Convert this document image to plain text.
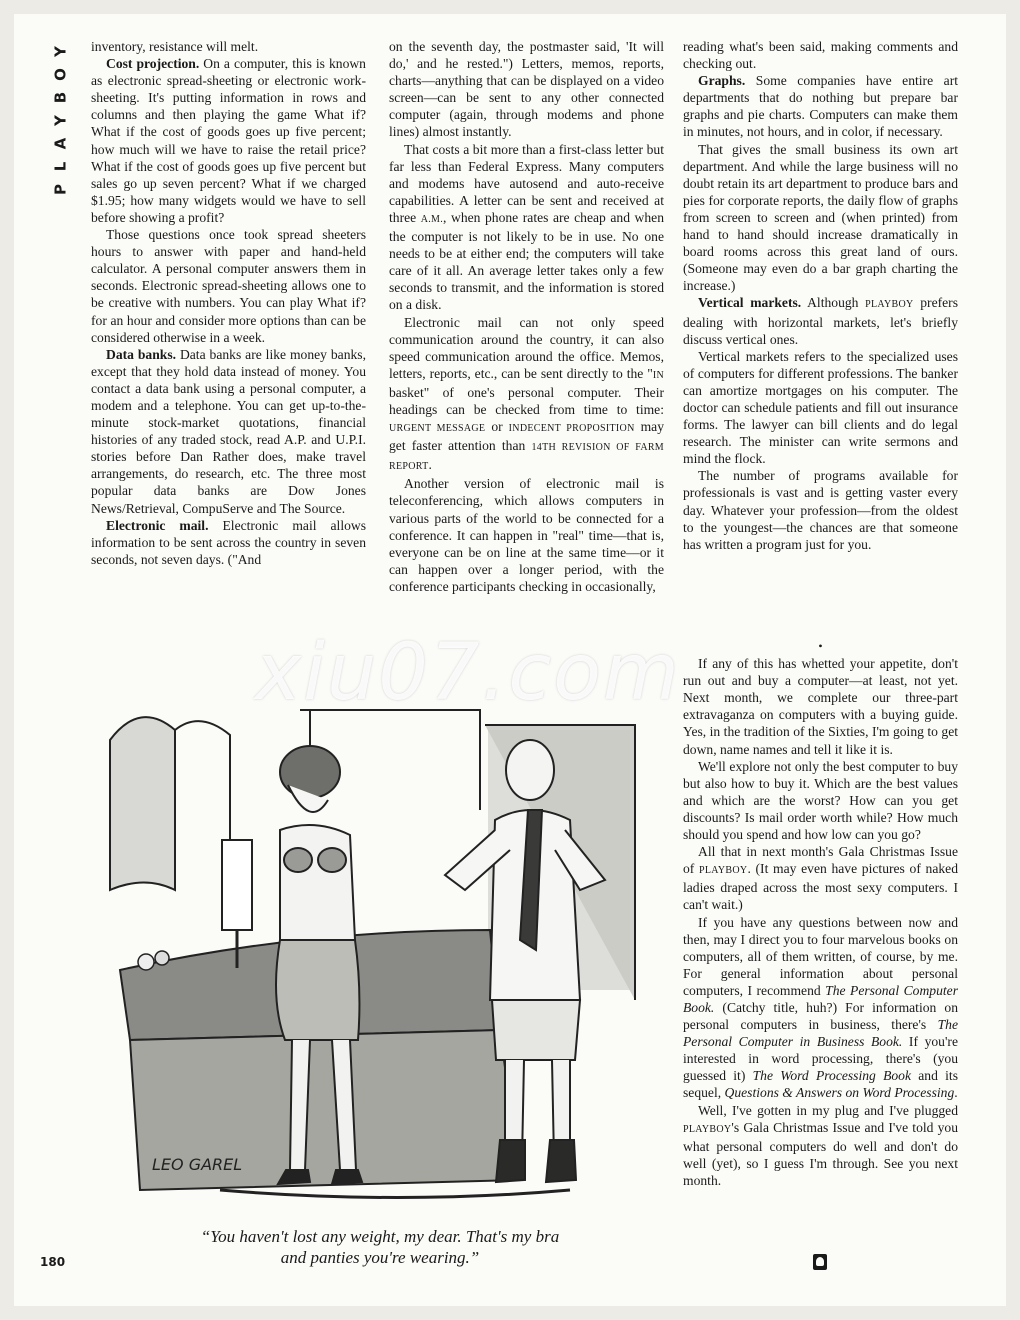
Y
O
B
Y
A
L
P

inventory, resistance will melt.

Cost projection. On a computer, this is known as electronic spread-sheeting or electronic work-sheeting. It's putting information in rows and columns and then playing the game What if? What if the cost of goods goes up five percent; how much will we have to raise the retail price? What if the cost of goods goes up five percent but sales go up seven percent? What if we charged $1.95; how many widgets would we have to sell before showing a profit?

Those questions once took spread sheeters hours to answer with paper and hand-held calculator. A personal computer answers them in seconds. Electronic spread-sheeting allows one to be creative with numbers. You can play What if? for an hour and consider more options than can be considered otherwise in a week.

Data banks. Data banks are like money banks, except that they hold data instead of money. You contact a data bank using a personal computer, a modem and a telephone. You can get up-to-the-minute stock-market quotations, financial histories of any traded stock, read A.P. and U.P.I. stories before Dan Rather does, make travel arrangements, do research, etc. The three most popular data banks are Dow Jones News/Retrieval, CompuServe and The Source.

Electronic mail. Electronic mail allows information to be sent across the country in seven seconds, not seven days. ("And

on the seventh day, the postmaster said, 'It will do,' and he rested.") Letters, memos, reports, charts—anything that can be displayed on a video screen—can be sent to any other connected computer (again, through modems and phone lines) almost instantly.

That costs a bit more than a first-class letter but far less than Federal Express. Many computers and modems have autosend and auto-receive capabilities. A letter can be sent and received at three A.M., when phone rates are cheap and when the computer is not likely to be in use. No one needs to be at either end; the computers will take care of it all. An average letter takes only a few seconds to transmit, and the information is stored on a disk.

Electronic mail can not only speed communication around the country, it can also speed communication around the office. Memos, letters, reports, etc., can be sent directly to the "IN basket" of one's personal computer. Their headings can be checked from time to time: URGENT MESSAGE or INDECENT PROPOSITION may get faster attention than 14TH REVISION OF FARM REPORT.

Another version of electronic mail is teleconferencing, which allows computers in various parts of the world to be connected for a conference. It can happen in "real" time—that is, everyone can be on line at the same time—or it can happen over a longer period, with the conference participants checking in occasionally,

reading what's been said, making comments and checking out.

Graphs. Some companies have entire art departments that do nothing but prepare bar graphs and pie charts. Computers can make them in minutes, not hours, and in color, if necessary.

That gives the small business its own art department. And while the large business will no doubt retain its art department to produce bars and pies for corporate reports, the daily flow of graphs from screen to screen and (when printed) from hand to hand should increase dramatically in board rooms across this great land of ours. (Someone may even do a bar graph charting the increase.)

Vertical markets. Although PLAYBOY prefers dealing with horizontal markets, let's briefly discuss vertical ones.

Vertical markets refers to the specialized uses of computers for different professions. The banker can amortize mortgages on his computer. The doctor can schedule patients and fill out insurance forms. The lawyer can bill clients and do legal research. The minister can write sermons and mind the flock.

The number of programs available for professionals is vast and is getting vaster every day. Whatever your profession—from the oldest to the youngest—the chances are that someone has written a program just for you.

•

If any of this has whetted your appetite, don't run out and buy a computer—at least, not yet. Next month, we complete our three-part extravaganza on computers with a buying guide. Yes, in the tradition of the Sixties, I'm going to get down, name names and tell it like it is.

We'll explore not only the best computer to buy but also how to buy it. Which are the best values and which are the worst? How can you get discounts? Is mail order worth while? How much should you spend and how low can you go?

All that in next month's Gala Christmas Issue of PLAYBOY. (It may even have pictures of naked ladies draped across the most sexy computers. I can't wait.)

If you have any questions between now and then, may I direct you to four marvelous books on computers, all of them written, of course, by me. For general information about personal computers, I recommend The Personal Computer Book. (Catchy title, huh?) For information on personal computers in business, there's The Personal Computer in Business Book. If you're interested in word processing, there's (you guessed it) The Word Processing Book and its sequel, Questions & Answers on Word Processing.

Well, I've gotten in my plug and I've plugged PLAYBOY's Gala Christmas Issue and I've told you what personal computers do well and don't do well (yet), so I guess I'm through. See you next month.

LEO GAREL
xiu07.com
“You haven't lost any weight, my dear. That's my bra
and panties you're wearing.”
180
